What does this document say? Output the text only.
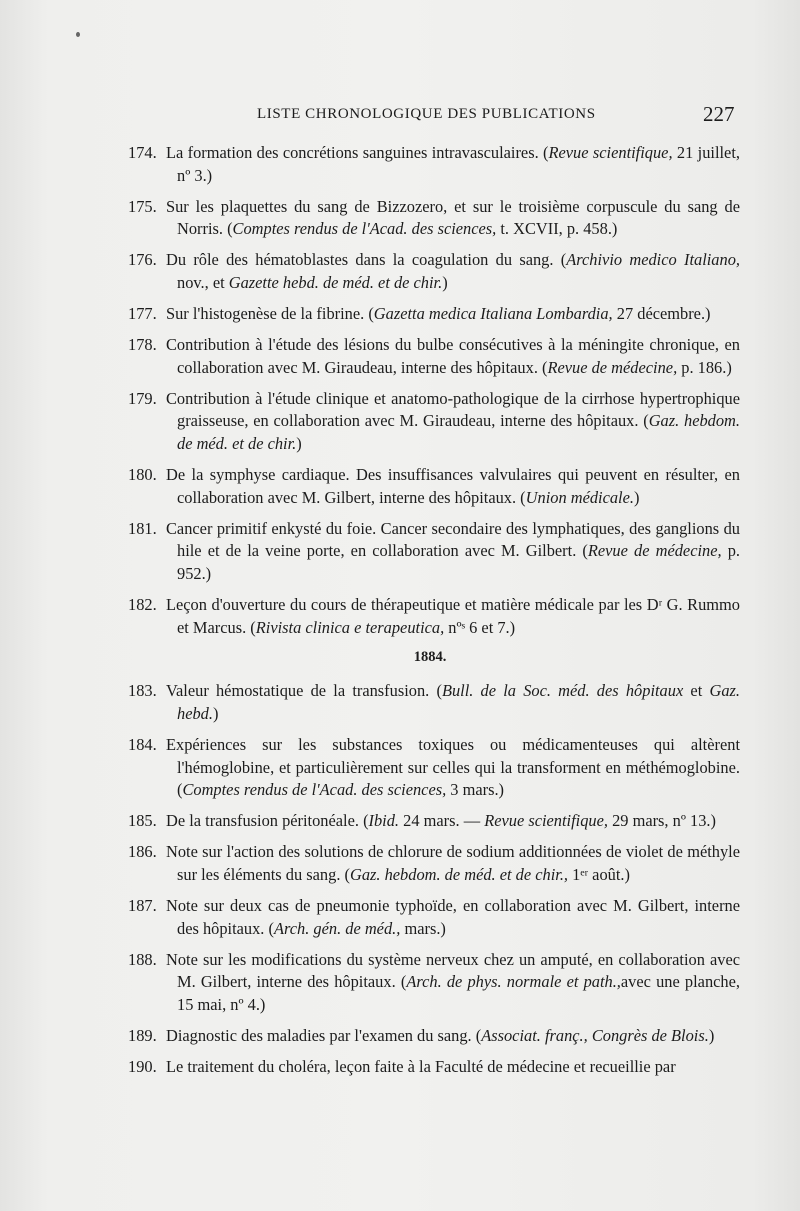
LISTE CHRONOLOGIQUE DES PUBLICATIONS	227
174. La formation des concrétions sanguines intravasculaires. (Revue scientifique, 21 juillet, nº 3.)
175. Sur les plaquettes du sang de Bizzozero, et sur le troisième corpuscule du sang de Norris. (Comptes rendus de l'Acad. des sciences, t. XCVII, p. 458.)
176. Du rôle des hématoblastes dans la coagulation du sang. (Archivio medico Italiano, nov., et Gazette hebd. de méd. et de chir.)
177. Sur l'histogenèse de la fibrine. (Gazetta medica Italiana Lombardia, 27 décembre.)
178. Contribution à l'étude des lésions du bulbe consécutives à la méningite chronique, en collaboration avec M. Giraudeau, interne des hôpitaux. (Revue de médecine, p. 186.)
179. Contribution à l'étude clinique et anatomo-pathologique de la cirrhose hypertrophique graisseuse, en collaboration avec M. Giraudeau, interne des hôpitaux. (Gaz. hebdom. de méd. et de chir.)
180. De la symphyse cardiaque. Des insuffisances valvulaires qui peuvent en résulter, en collaboration avec M. Gilbert, interne des hôpitaux. (Union médicale.)
181. Cancer primitif enkysté du foie. Cancer secondaire des lymphatiques, des ganglions du hile et de la veine porte, en collaboration avec M. Gilbert. (Revue de médecine, p. 952.)
182. Leçon d'ouverture du cours de thérapeutique et matière médicale par les Dʳ G. Rummo et Marcus. (Rivista clinica e terapeutica, nºˢ 6 et 7.)
1884.
183. Valeur hémostatique de la transfusion. (Bull. de la Soc. méd. des hôpitaux et Gaz. hebd.)
184. Expériences sur les substances toxiques ou médicamenteuses qui altèrent l'hémoglobine, et particulièrement sur celles qui la transforment en méthémoglobine. (Comptes rendus de l'Acad. des sciences, 3 mars.)
185. De la transfusion péritonéale. (Ibid. 24 mars. — Revue scientifique, 29 mars, nº 13.)
186. Note sur l'action des solutions de chlorure de sodium additionnées de violet de méthyle sur les éléments du sang. (Gaz. hebdom. de méd. et de chir., 1ᵉʳ août.)
187. Note sur deux cas de pneumonie typhoïde, en collaboration avec M. Gilbert, interne des hôpitaux. (Arch. gén. de méd., mars.)
188. Note sur les modifications du système nerveux chez un amputé, en collaboration avec M. Gilbert, interne des hôpitaux. (Arch. de phys. normale et path.,avec une planche, 15 mai, nº 4.)
189. Diagnostic des maladies par l'examen du sang. (Associat. franç., Congrès de Blois.)
190. Le traitement du choléra, leçon faite à la Faculté de médecine et recueillie par
